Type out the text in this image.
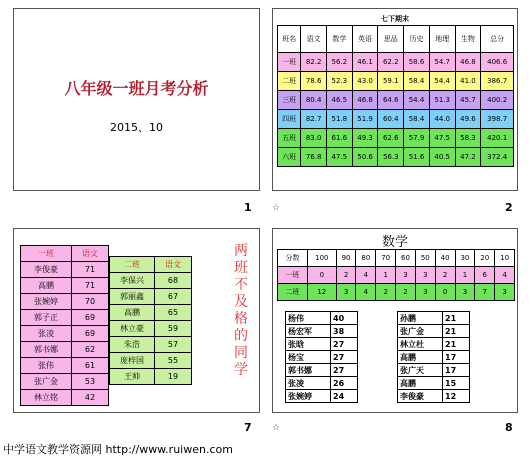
八年级一班月考分析
2015、10
1
七下期末
班名	语文	数学	英语	思品	历史	地理	生物	总分
一班	82.2	56.2	46.1	62.2	58.6	54.7	46.8	406.6
二班	78.6	52.3	43.0	59.1	58.4	54.4	41.0	386.7
三班	80.4	46.5	46.8	64.6	54.4	51.3	45.7	400.2
四班	82.7	51.8	51.9	60.4	58.4	44.0	49.6	398.7
五班	83.0	61.6	49.3	62.6	57.9	47.5	58.3	420.1
六班	76.8	47.5	50.6	56.3	51.6	40.5	47.2	372.4
☆	2
一班	语文
李俊豪	71
高鹏	71
张婉婷	70
郭子正	69
张凌	69
郭书娜	62
张伟	61
张广金	53
林立铭	42
二班	语文
李保兴	68
郭丽鑫	67
高鹏	65
林立豪	59
朱浩	57
庞梓国	55
王帅	19
两班不及格的同学
7
数学
分数	100	90	80	70	60	50	40	30	20	10
一班	0	2	4	1	3	3	2	1	6	4
二班	12	3	4	2	2	3	0	3	7	3
杨伟	40
杨宏军	38
张晗	27
杨宝	27
郭书娜	27
张凌	26
张婉婷	24
孙鹏	21
张广金	21
林立杜	21
高鹏	17
张广天	17
高鹏	15
李俊豪	12
☆	8
中学语文教学资源网 http://www.ruiwen.com
